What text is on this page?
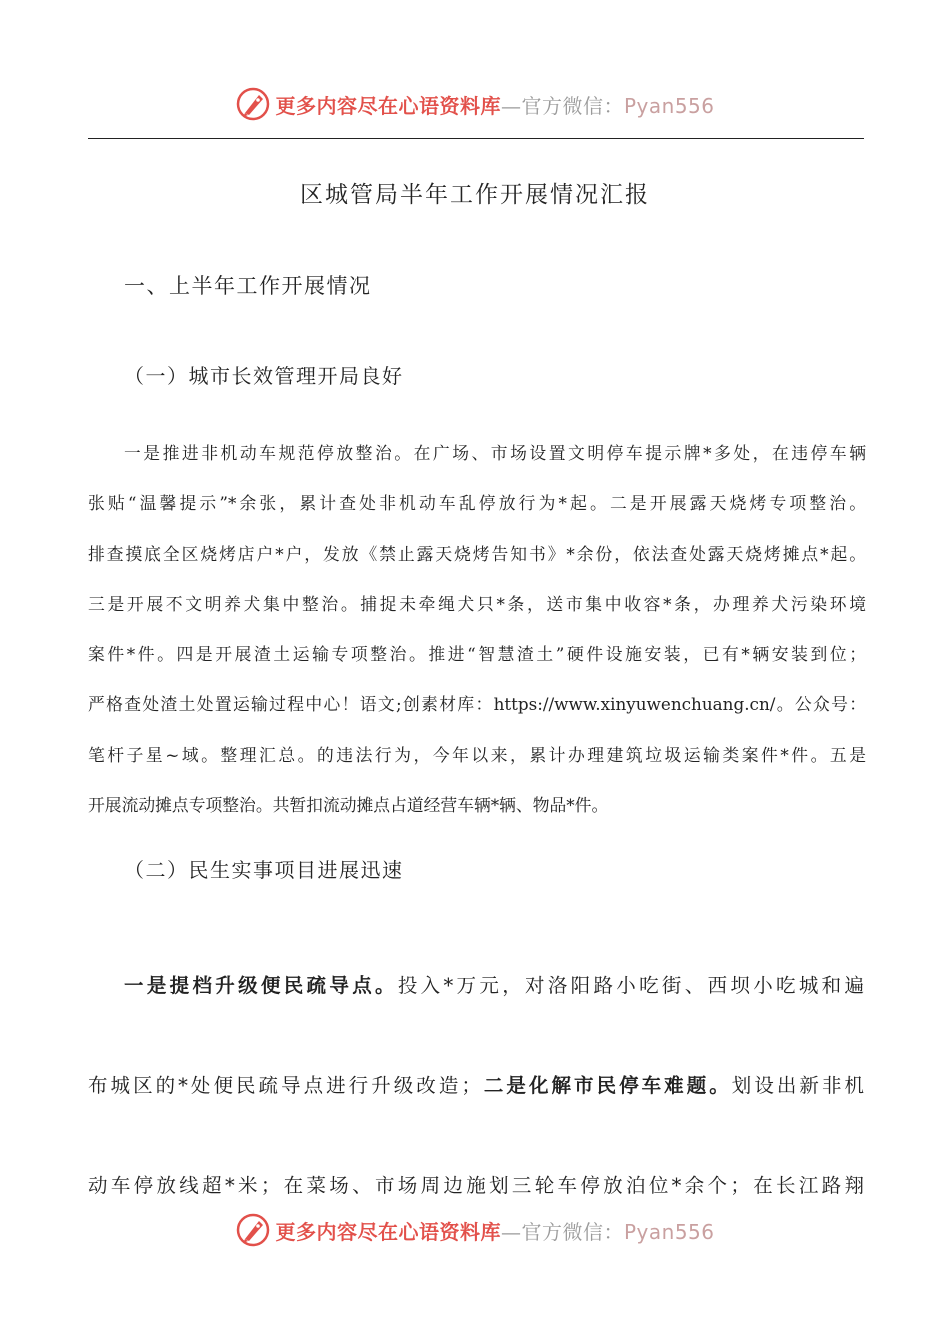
更多内容尽在心语资料库—官方微信：Pyan556
区城管局半年工作开展情况汇报
一、上半年工作开展情况
（一）城市长效管理开局良好

一是推进非机动车规范停放整治。在广场、市场设置文明停车提示牌*多处，在违停车辆
张贴“温馨提示”*余张，累计查处非机动车乱停放行为*起。二是开展露天烧烤专项整治。
排查摸底全区烧烤店户*户，发放《禁止露天烧烤告知书》*余份，依法查处露天烧烤摊点*起。
三是开展不文明养犬集中整治。捕捉未牵绳犬只*条，送市集中收容*条，办理养犬污染环境
案件*件。四是开展渣土运输专项整治。推进“智慧渣土”硬件设施安装，已有*辆安装到位；
严格查处渣土处置运输过程中心！语文;创素材库：https://www.xinyuwenchuang.cn/。公众号：
笔杆子星~域。整理汇总。的违法行为，今年以来，累计办理建筑垃圾运输类案件*件。五是
开展流动摊点专项整治。共暂扣流动摊点占道经营车辆*辆、物品*件。

（二）民生实事项目进展迅速

一是提档升级便民疏导点。投入*万元，对洛阳路小吃街、西坝小吃城和遍
布城区的*处便民疏导点进行升级改造；二是化解市民停车难题。划设出新非机
动车停放线超*米；在菜场、市场周边施划三轮车停放泊位*余个；在长江路翔

更多内容尽在心语资料库—官方微信：Pyan556
